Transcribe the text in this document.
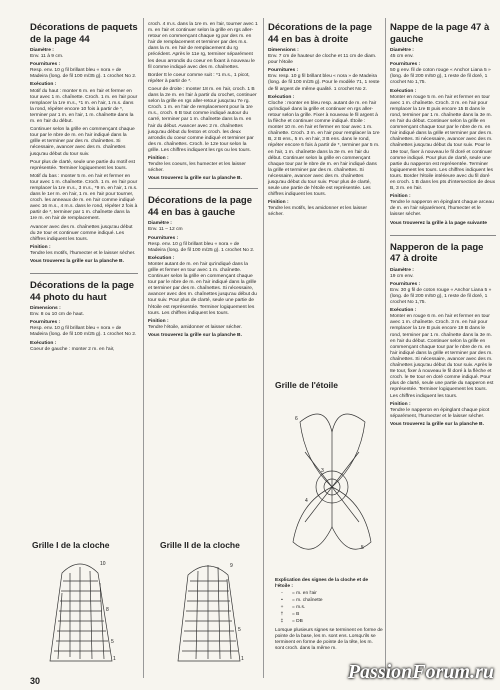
Décorations de paquets de la page 44

Diamètre :
Env. 11 à 9 cm.

Fournitures :
Resp. env. 10 g fil brillant bleu « nora » de Madeira (long. de fil 100 m/35 g). 1 crochet No 2.

Exécution :
Motif du haut : monter 6 m. en l'air et fermer en tour avec 1 m. chaînette. Croch. 1 m. en l'air pour remplacer la 1re m.s., *1 m. en l'air, 1 m.s. dans la rond, répéter encore 10 fois à partir de *, terminer par 1 m. en l'air, 1 m. chaînette dans la m. en l'air du début.

Continuer selon la grille en commençant chaque tour par le nbre de m. en l'air indiqué dans la grille et terminer par des m. chaînettes. Si nécessaire, avancer avec des m. chaînettes jusqu'au début du tour suiv.

Pour plus de clarté, seule une partie du motif est représentée. Terminer logiquement les tours.

Motif du bas : monter 5 m. en l'air et fermer en tour avec 1 m. chaînette. Croch. 1 m. en l'air pour remplacer la 1re m.s., 3 m.s., *9 m. en l'air, 1 m.s. dans le 1er m. en l'air, 1 m. en l'air pour tourner, croch. les anneaux de m. en l'air comme indiqué avec 16 m.s., 4 m.s. dans le rond, répéter 2 fois à partir de *, terminer par 1 m. chaînette dans la 1re m. en l'air de remplacement.

Avancer avec des m. chaînettes jusqu'au début du 2e tour et continuer comme indiqué. Les chiffres indiquent les tours.

Finition :
Tendre les motifs, l'humecter et le laisser sécher.

Vous trouverez la grille sur la planche B.

Décorations de la page 44 photo du haut

Dimensions :
Env. 8 ou 10 cm de haut.

Fournitures :
Resp. env. 10 g fil brillant bleu « nora » de Madeira (long. de fil 100 m/25 g). 1 crochet No 2.

Exécution :
Coeur de gauche : monter 2 m. en l'air,

croch. 4 m.s. dans la 1re m. en l'air, tourner avec 1 m. en l'air et continuer selon la grille en rgs aller-retour en commençant chaque rg par des m. en l'air de remplacement et terminer par des m.s. dans la m. en l'air de remplacement du rg précédent. Après le 11e rg, terminer séparément les deux arrondis du coeur en fixant à nouveau le fil comme indiqué avec des m. chaînettes.

Border tt le coeur comme suit : *1 m.s., 1 picot, répéter à partir de *.

Coeur de droite : monter 18 m. en l'air, croch. 1 B dans la 2e m. en l'air à partir du crochet, continuer selon la grille en rgs aller-retour jusqu'au 7e rg. Croch. 1 m. en l'air de remplacement pour la 1re m.s., croch. 6 B tout comme indiqué autour du carré, terminer par 1 m. chaînette dans la m. en l'air du début. Avancer avec 2 m. chaînettes jusqu'au début du feston et croch. les deux arrondis du coeur comme indiqué et terminer par des m. chaînettes. Croch. le 12e tour selon la grille. Les chiffres indiquent les rgs ou les tours.

Finition :
Tendre les coeurs, les humecter et les laisser sécher.

Vous trouverez la grille sur la planche B.

Décorations de la page 44 en bas à gauche

Diamètre :
Env. 11 – 12 cm

Fournitures :
Resp. env. 10 g fil brillant bleu « nora » de Madeira (long. de fil 100 m/25 g). 1 crochet No 2.

Exécution :
Monter autant de m. en l'air qu'indiqué dans la grille et fermer en tour avec 1 m. chaînette. Continuer selon la grille en commençant chaque tour par le nbre de m. en l'air indiqué dans la grille et terminer par des m. chaînettes. Si nécessaire, avancer avec des m. chaînettes jusqu'au début du tour suiv. Pour plus de clarté, seule une partie de l'étoile est représentée. Terminer logiquement les tours. Les chiffres indiquent les tours.

Finition :
Tendre l'étoile, amidonner et laisser sécher.

Vous trouverez la grille sur la planche B.

Décorations de la page 44 en bas à droite

Dimensions :
Env. 7 cm de hauteur de cloche et 11 cm de diam. pour l'étoile

Fournitures :
Env. resp. 10 g fil brillant bleu « nora » de Madeira (long. de fil 100 m/25 g). Pour le modèle 71, 1 reste de fil argent de même qualité. 1 crochet No 2.

Exécution :
Cloche : monter en bleu resp. autant de m. en l'air qu'indiqué dans la grille et continuer en rgs aller-retour selon la grille. Fixer à nouveau le fil argent à la flèche et continuer comme indiqué. Étoile : monter 10 m. en l'air et fermer en tour avec 1 m. chaînette. Croch. 3 m. en l'air pour remplacer la 1re B, 2 B ens., 5 m. en l'air, 3 B ens. dans le rond, répéter encore 6 fois à partir de *, terminer par 5 m. en l'air, 1 m. chaînette dans la 3e m. en l'air du début. Continuer selon la grille en commençant chaque tour par le nbre de m. en l'air indiqué dans la grille et terminer par des m. chaînettes. Si nécessaire, avancer avec des m. chaînettes jusqu'au début du tour suiv. Pour plus de clarté, seule une partie de l'étoile est représentée. Les chiffres indiquent les tours.

Finition :
Tendre les motifs, les amidonner et les laisser sécher.

Nappe de la page 47 à gauche

Diamètre :
45 cm env.

Fournitures :
50 g env. fil de coton rouge « Anchor Liana 5 » (long. de fil 200 m/50 g), 1 reste de fil doré, 1 crochet No 1,75.

Exécution :
Monter en rouge 5 m. en l'air et fermer en tour avec 1 m. chaînette. Croch. 3 m. en l'air pour remplacer la 1re B puis encore 15 B dans le rond, terminer par 1 m. chaînette dans la 3e m. en l'air du début. Continuer selon la grille en commençant chaque tour par le nbre de m. en l'air indiqué dans la grille et terminer par des m. chaînettes. Si nécessaire, avancer avec des m. chaînettes jusqu'au début du tour suiv. Pour le 19e tour, fixer à nouveau le fil doré et continuer comme indiqué. Pour plus de clarté, seule une partie du napperon est représentée. Terminer logiquement les tours. Les chiffres indiquent les tours. Border l'étoile intérieure avec du fil doré en croch. 1 B dans les pts d'intersection de deux B, 3 m. en l'air.

Finition :
Tendre le napperon en épinglant chaque arceau de m. en l'air séparément, l'humecter et le laisser sécher.

Vous trouverez la grille à la page suivante

Napperon de la page 47 à droite

Diamètre :
19 cm env.

Fournitures :
Env. 30 g fil de coton rouge « Anchor Liana 5 » (long. de fil 200 m/50 g), 1 reste de fil doré, 1 crochet No 1,75.

Exécution :
Monter en rouge 6 m. en l'air et fermer en tour avec 1 m. chaînette. Croch. 3 m. en l'air pour remplacer la 1re B puis encore 19 B dans le rond, terminer par 1 m. chaînette dans la 3e m. en l'air du début. Continuer selon la grille en commençant chaque tour par le nbre de m. en l'air indiqué dans la grille et terminer par des m. chaînettes. Si nécessaire, avancer avec des m. chaînettes jusqu'au début du tour suiv. Après le 8e tour, fixer à nouveau le fil doré à la flèche et croch. le 9e tour en doré comme indiqué. Pour plus de clarté, seule une partie du napperon est représentée. Terminer logiquement les tours. Les chiffres indiquent les tours.

Finition :
Tendre le napperon en épinglant chaque picot séparément, l'humecter et le laisser sécher.

Vous trouverez la grille sur la planche B.

Grille I de la cloche	Grille II de la cloche
Grille de l'étoile
1
5
8
10
1
5
9
6
3
4
5
Explication des signes de la cloche et de l'étoile :
◦	= m. en l'air
•	= m. chaînette
+	= m.s.
†	= B
‡	= DB

Lorsque plusieurs signes se terminent en forme de pointe de la base, les m. sont ens. Lorsqu'ils se terminent en forme de pointe de la tête, les m. sont croch. dans la même m.

30	PassionForum.ru
